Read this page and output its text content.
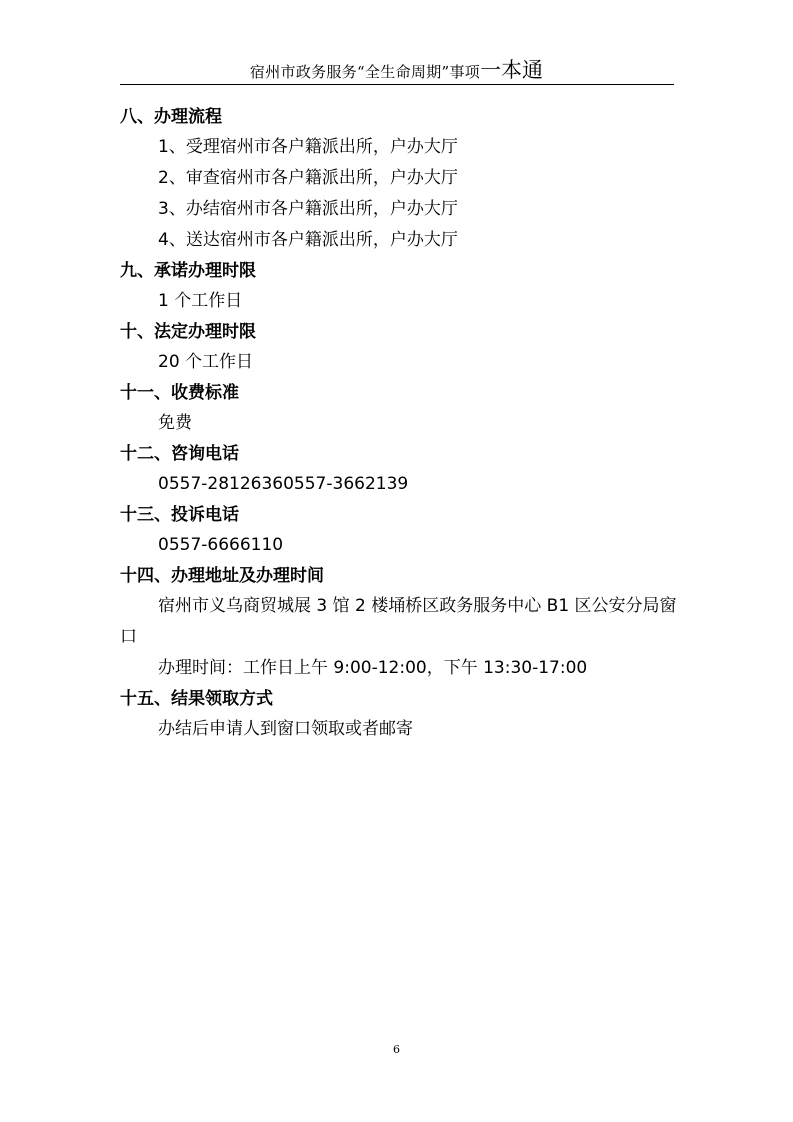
宿州市政务服务“全生命周期”事项一本通

八、办理流程

1、受理宿州市各户籍派出所，户办大厅

2、审查宿州市各户籍派出所，户办大厅

3、办结宿州市各户籍派出所，户办大厅

4、送达宿州市各户籍派出所，户办大厅

九、承诺办理时限

1 个工作日

十、法定办理时限

20 个工作日

十一、收费标准

免费

十二、咨询电话

0557-28126360557-3662139

十三、投诉电话

0557-6666110

十四、办理地址及办理时间

宿州市义乌商贸城展 3 馆 2 楼埇桥区政务服务中心 B1 区公安分局窗口

办理时间：工作日上午 9:00-12:00，下午 13:30-17:00

十五、结果领取方式

办结后申请人到窗口领取或者邮寄

6
